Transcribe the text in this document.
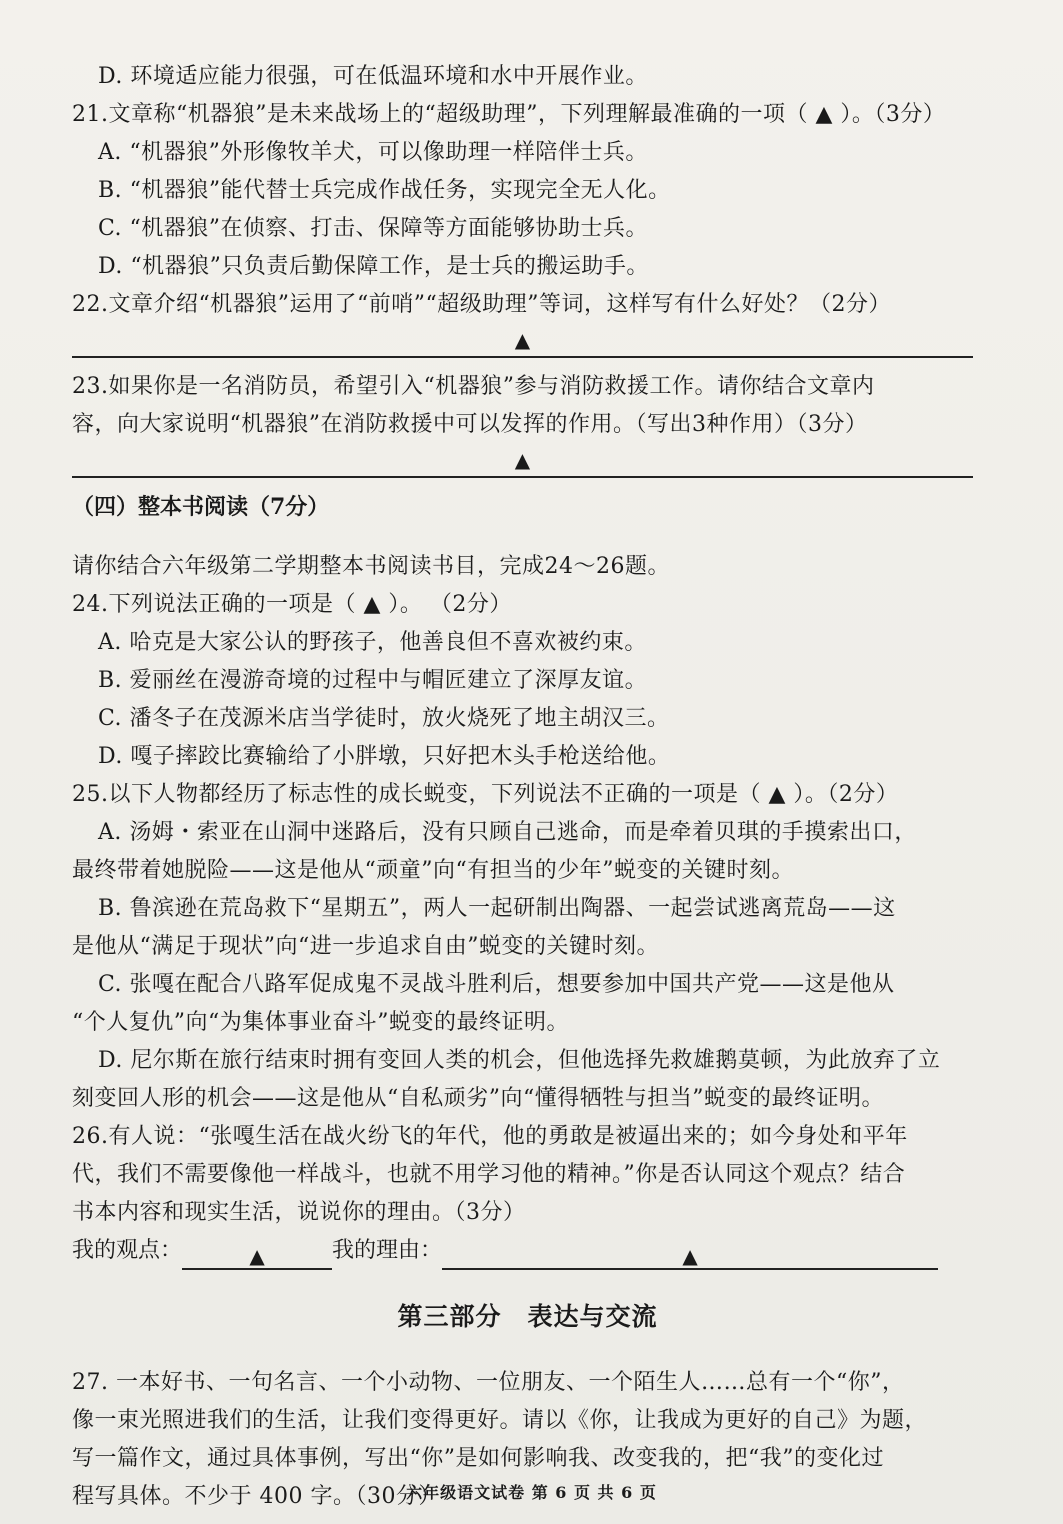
D. 环境适应能力很强，可在低温环境和水中开展作业。

21.文章称“机器狼”是未来战场上的“超级助理”，下列理解最准确的一项（ ▲ ）。（3分）

A. “机器狼”外形像牧羊犬，可以像助理一样陪伴士兵。

B. “机器狼”能代替士兵完成作战任务，实现完全无人化。

C. “机器狼”在侦察、打击、保障等方面能够协助士兵。

D. “机器狼”只负责后勤保障工作，是士兵的搬运助手。

22.文章介绍“机器狼”运用了“前哨”“超级助理”等词，这样写有什么好处？（2分）

▲

23.如果你是一名消防员，希望引入“机器狼”参与消防救援工作。请你结合文章内

容，向大家说明“机器狼”在消防救援中可以发挥的作用。（写出3种作用）（3分）

▲

（四）整本书阅读（7分）

请你结合六年级第二学期整本书阅读书目，完成24～26题。

24.下列说法正确的一项是（ ▲ ）。 （2分）

A. 哈克是大家公认的野孩子，他善良但不喜欢被约束。

B. 爱丽丝在漫游奇境的过程中与帽匠建立了深厚友谊。

C. 潘冬子在茂源米店当学徒时，放火烧死了地主胡汉三。

D. 嘎子摔跤比赛输给了小胖墩，只好把木头手枪送给他。

25.以下人物都经历了标志性的成长蜕变，下列说法不正确的一项是（ ▲ ）。（2分）

A. 汤姆・索亚在山洞中迷路后，没有只顾自己逃命，而是牵着贝琪的手摸索出口，

最终带着她脱险——这是他从“顽童”向“有担当的少年”蜕变的关键时刻。

B. 鲁滨逊在荒岛救下“星期五”，两人一起研制出陶器、一起尝试逃离荒岛——这

是他从“满足于现状”向“进一步追求自由”蜕变的关键时刻。

C. 张嘎在配合八路军促成鬼不灵战斗胜利后，想要参加中国共产党——这是他从

“个人复仇”向“为集体事业奋斗”蜕变的最终证明。

D. 尼尔斯在旅行结束时拥有变回人类的机会，但他选择先救雄鹅莫顿，为此放弃了立

刻变回人形的机会——这是他从“自私顽劣”向“懂得牺牲与担当”蜕变的最终证明。

26.有人说：“张嘎生活在战火纷飞的年代，他的勇敢是被逼出来的；如今身处和平年

代，我们不需要像他一样战斗，也就不用学习他的精神。”你是否认同这个观点？结合

书本内容和现实生活，说说你的理由。（3分）

我的观点：	▲	我的理由：	▲

第三部分　表达与交流

27. 一本好书、一句名言、一个小动物、一位朋友、一个陌生人……总有一个“你”，

像一束光照进我们的生活，让我们变得更好。请以《你，让我成为更好的自己》为题，

写一篇作文，通过具体事例，写出“你”是如何影响我、改变我的，把“我”的变化过

程写具体。不少于 400 字。（30分）

六年级语文试卷 第 6 页 共 6 页
